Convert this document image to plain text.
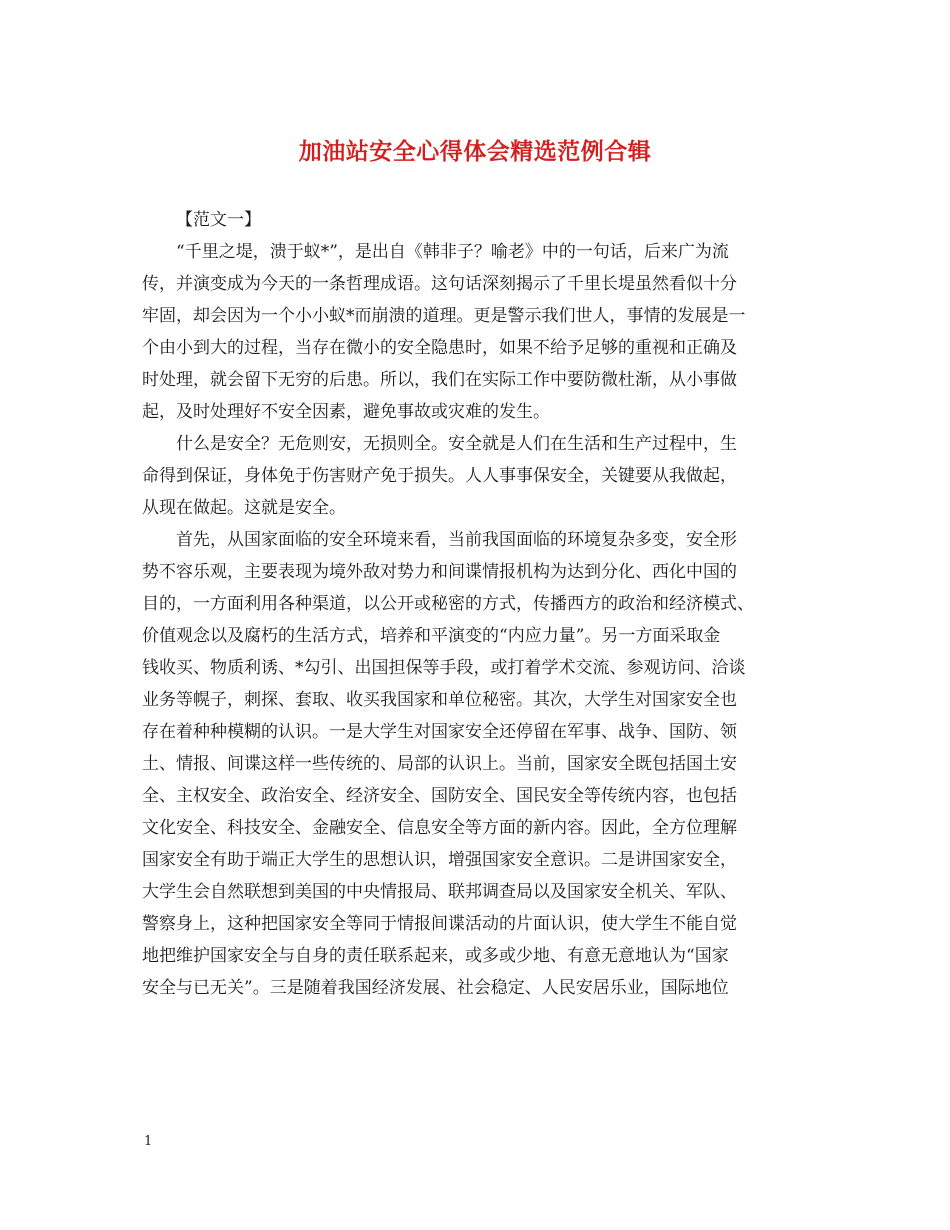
加油站安全心得体会精选范例合辑
【范文一】
“千里之堤，溃于蚁*”，是出自《韩非子？喻老》中的一句话，后来广为流
传，并演变成为今天的一条哲理成语。这句话深刻揭示了千里长堤虽然看似十分
牢固，却会因为一个小小蚁*而崩溃的道理。更是警示我们世人，事情的发展是一
个由小到大的过程，当存在微小的安全隐患时，如果不给予足够的重视和正确及
时处理，就会留下无穷的后患。所以，我们在实际工作中要防微杜渐，从小事做
起，及时处理好不安全因素，避免事故或灾难的发生。
什么是安全？无危则安，无损则全。安全就是人们在生活和生产过程中，生
命得到保证，身体免于伤害财产免于损失。人人事事保安全，关键要从我做起，
从现在做起。这就是安全。
首先，从国家面临的安全环境来看，当前我国面临的环境复杂多变，安全形
势不容乐观，主要表现为境外敌对势力和间谍情报机构为达到分化、西化中国的
目的，一方面利用各种渠道，以公开或秘密的方式，传播西方的政治和经济模式、
价值观念以及腐朽的生活方式，培养和平演变的“内应力量”。另一方面采取金
钱收买、物质利诱、*勾引、出国担保等手段，或打着学术交流、参观访问、洽谈
业务等幌子，刺探、套取、收买我国家和单位秘密。其次，大学生对国家安全也
存在着种种模糊的认识。一是大学生对国家安全还停留在军事、战争、国防、领
土、情报、间谍这样一些传统的、局部的认识上。当前，国家安全既包括国土安
全、主权安全、政治安全、经济安全、国防安全、国民安全等传统内容，也包括
文化安全、科技安全、金融安全、信息安全等方面的新内容。因此，全方位理解
国家安全有助于端正大学生的思想认识，增强国家安全意识。二是讲国家安全，
大学生会自然联想到美国的中央情报局、联邦调查局以及国家安全机关、军队、
警察身上，这种把国家安全等同于情报间谍活动的片面认识，使大学生不能自觉
地把维护国家安全与自身的责任联系起来，或多或少地、有意无意地认为“国家
安全与已无关”。三是随着我国经济发展、社会稳定、人民安居乐业，国际地位
1
